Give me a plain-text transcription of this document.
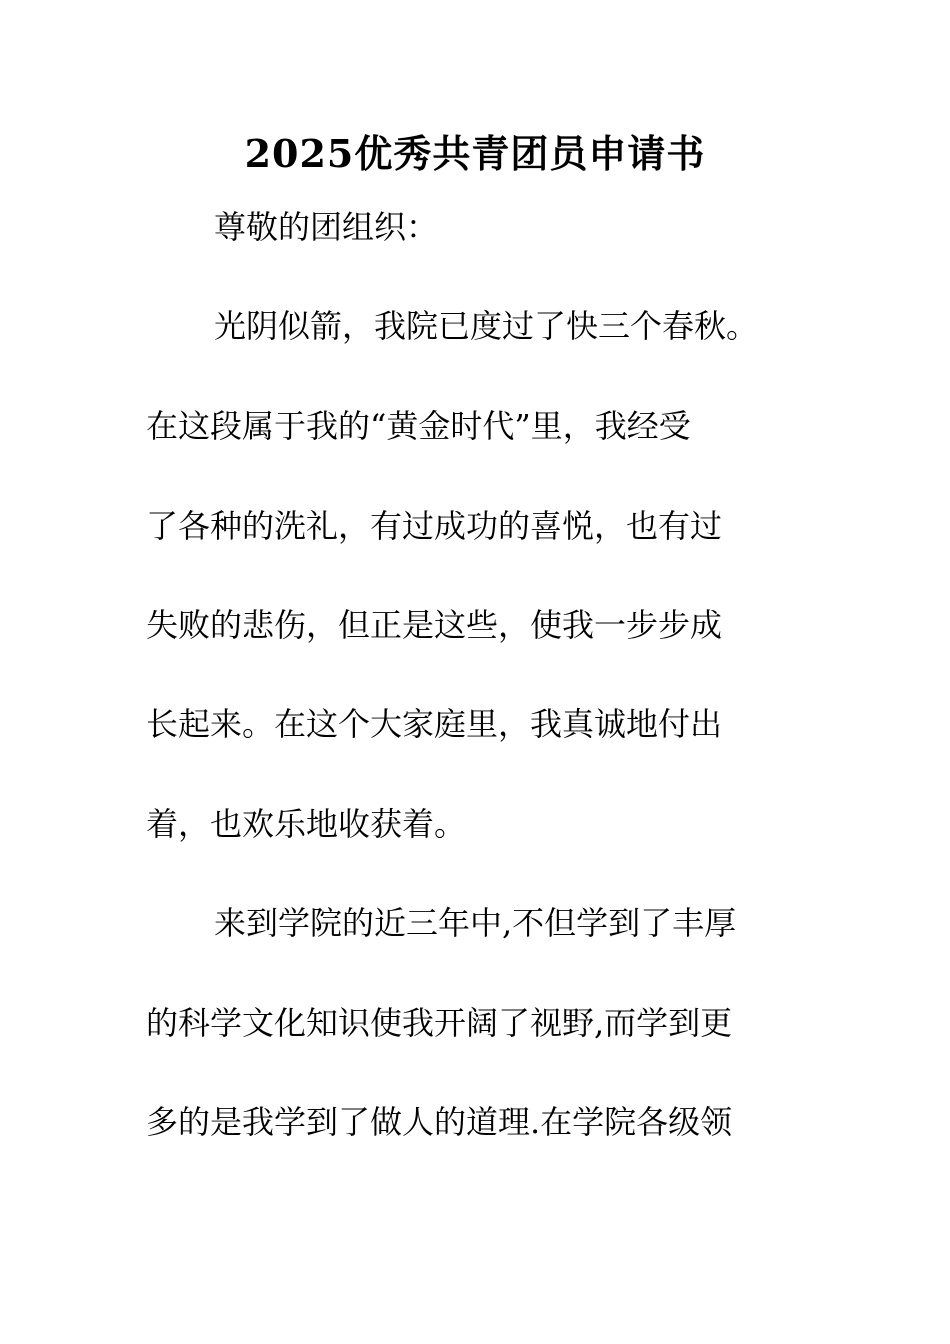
2025优秀共青团员申请书
尊敬的团组织：
光阴似箭，我院已度过了快三个春秋。
在这段属于我的“黄金时代”里，我经受
了各种的洗礼，有过成功的喜悦，也有过
失败的悲伤，但正是这些，使我一步步成
长起来。在这个大家庭里，我真诚地付出
着，也欢乐地收获着。
来到学院的近三年中,不但学到了丰厚
的科学文化知识使我开阔了视野,而学到更
多的是我学到了做人的道理.在学院各级领
